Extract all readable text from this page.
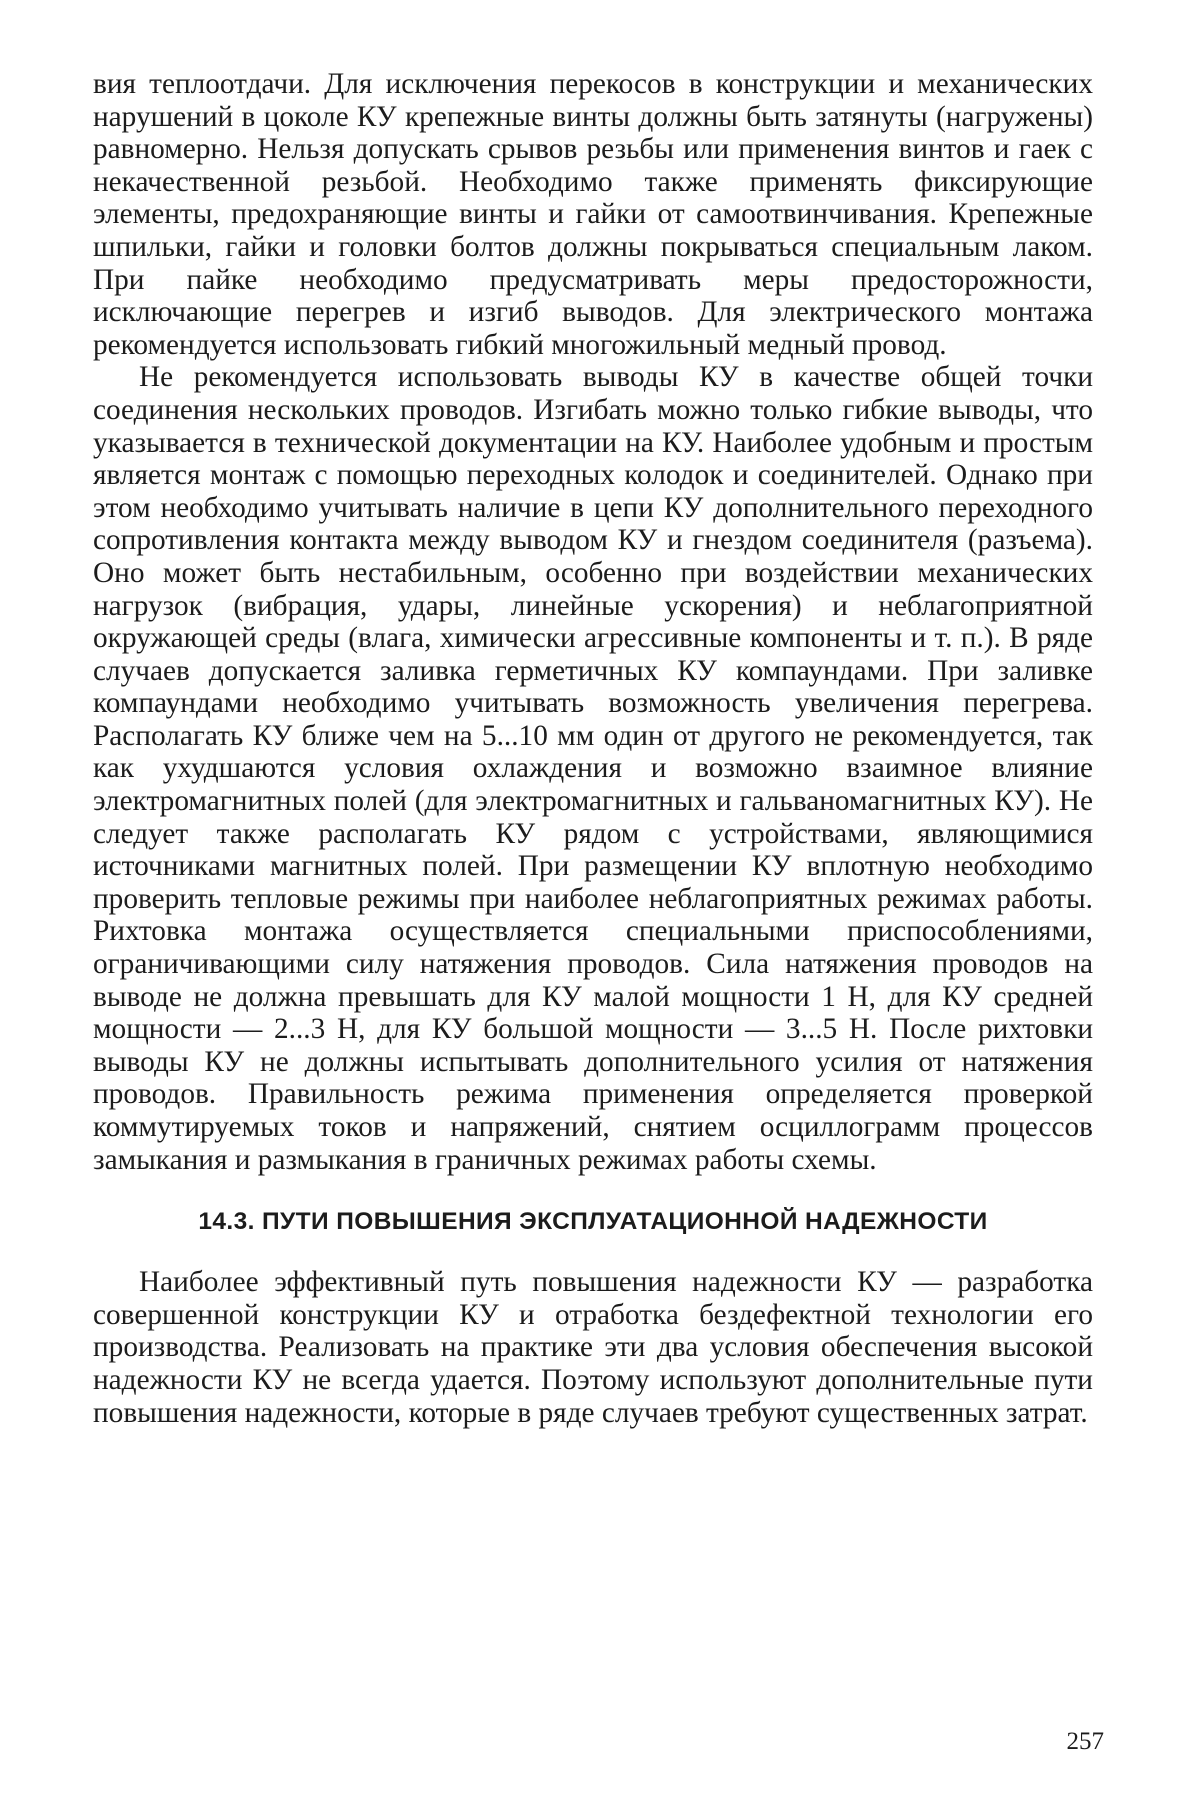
вия теплоотдачи. Для исключения перекосов в конструкции и механических нарушений в цоколе КУ крепежные винты должны быть затянуты (нагружены) равномерно. Нельзя допускать срывов резьбы или применения винтов и гаек с некачественной резьбой. Необходимо также применять фиксирующие элементы, предохраняющие винты и гайки от самоотвинчивания. Крепежные шпильки, гайки и головки болтов должны покрываться специальным лаком. При пайке необходимо предусматривать меры предосторожности, исключающие перегрев и изгиб выводов. Для электрического монтажа рекомендуется использовать гибкий многожильный медный провод.

Не рекомендуется использовать выводы КУ в качестве общей точки соединения нескольких проводов. Изгибать можно только гибкие выводы, что указывается в технической документации на КУ. Наиболее удобным и простым является монтаж с помощью переходных колодок и соединителей. Однако при этом необходимо учитывать наличие в цепи КУ дополнительного переходного сопротивления контакта между выводом КУ и гнездом соединителя (разъема). Оно может быть нестабильным, особенно при воздействии механических нагрузок (вибрация, удары, линейные ускорения) и неблагоприятной окружающей среды (влага, химически агрессивные компоненты и т. п.). В ряде случаев допускается заливка герметичных КУ компаундами. При заливке компаундами необходимо учитывать возможность увеличения перегрева. Располагать КУ ближе чем на 5...10 мм один от другого не рекомендуется, так как ухудшаются условия охлаждения и возможно взаимное влияние электромагнитных полей (для электромагнитных и гальваномагнитных КУ). Не следует также располагать КУ рядом с устройствами, являющимися источниками магнитных полей. При размещении КУ вплотную необходимо проверить тепловые режимы при наиболее неблагоприятных режимах работы. Рихтовка монтажа осуществляется специальными приспособлениями, ограничивающими силу натяжения проводов. Сила натяжения проводов на выводе не должна превышать для КУ малой мощности 1 Н, для КУ средней мощности — 2...3 Н, для КУ большой мощности — 3...5 Н. После рихтовки выводы КУ не должны испытывать дополнительного усилия от натяжения проводов. Правильность режима применения определяется проверкой коммутируемых токов и напряжений, снятием осциллограмм процессов замыкания и размыкания в граничных режимах работы схемы.

14.3. ПУТИ ПОВЫШЕНИЯ ЭКСПЛУАТАЦИОННОЙ НАДЕЖНОСТИ

Наиболее эффективный путь повышения надежности КУ — разработка совершенной конструкции КУ и отработка бездефектной технологии его производства. Реализовать на практике эти два условия обеспечения высокой надежности КУ не всегда удается. Поэтому используют дополнительные пути повышения надежности, которые в ряде случаев требуют существенных затрат.

257
